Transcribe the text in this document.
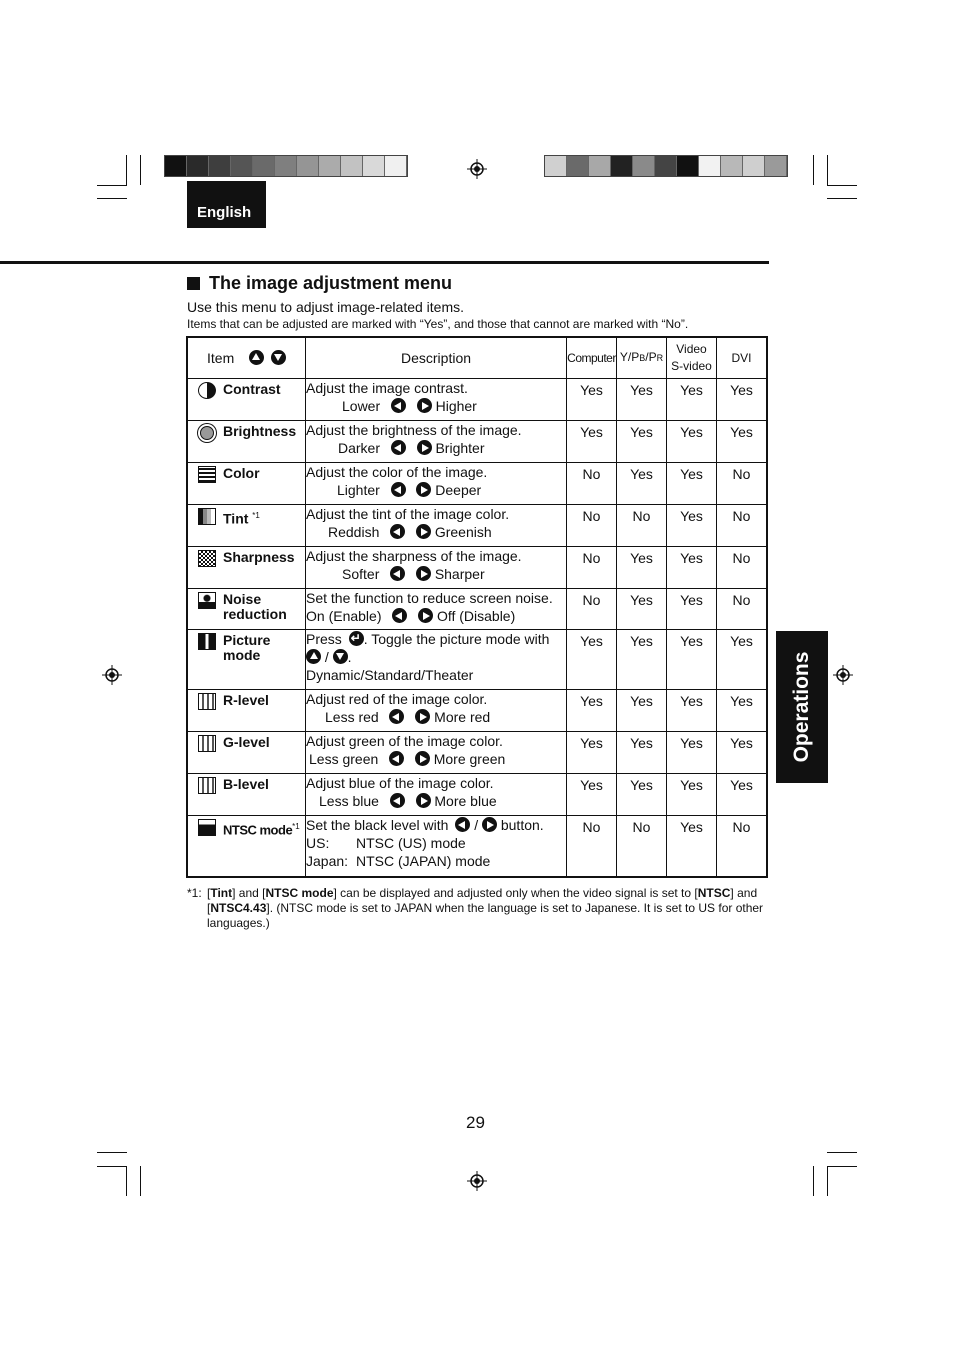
English
The image adjustment menu
Use this menu to adjust image-related items.
Items that can be adjusted are marked with “Yes”, and those that cannot are marked with “No”.
Item	Description	Computer	Y/PB/PR	Video
S-video	DVI

Contrast	Adjust the image contrast.
Lower Higher	Yes	Yes	Yes	Yes

Brightness	Adjust the brightness of the image.
Darker Brighter	Yes	Yes	Yes	Yes

Color	Adjust the color of the image.
Lighter Deeper	No	Yes	Yes	No

Tint $^{*1}$	Adjust the tint of the image color.
Reddish Greenish	No	No	Yes	No

Sharpness	Adjust the sharpness of the image.
Softer Sharper	No	Yes	Yes	No

Noise
reduction	Set the function to reduce screen noise.
On (Enable) Off (Disable)	No	Yes	Yes	No

Picture
mode	Press ↵ . Toggle the picture mode with
/ .
Dynamic/Standard/Theater	Yes	Yes	Yes	Yes

R-level	Adjust red of the image color.
Less red More red	Yes	Yes	Yes	Yes

G-level	Adjust green of the image color.
Less green More green	Yes	Yes	Yes	Yes

B-level	Adjust blue of the image color.
Less blue More blue	Yes	Yes	Yes	Yes

NTSC mode$^{*1}$	Set the black level with / button.
US: NTSC (US) mode
Japan: NTSC (JAPAN) mode	No	No	Yes	No
*1: [Tint] and [NTSC mode] can be displayed and adjusted only when the video signal is set to [NTSC] and [NTSC4.43]. (NTSC mode is set to JAPAN when the language is set to Japanese. It is set to US for other languages.)
Operations
29
